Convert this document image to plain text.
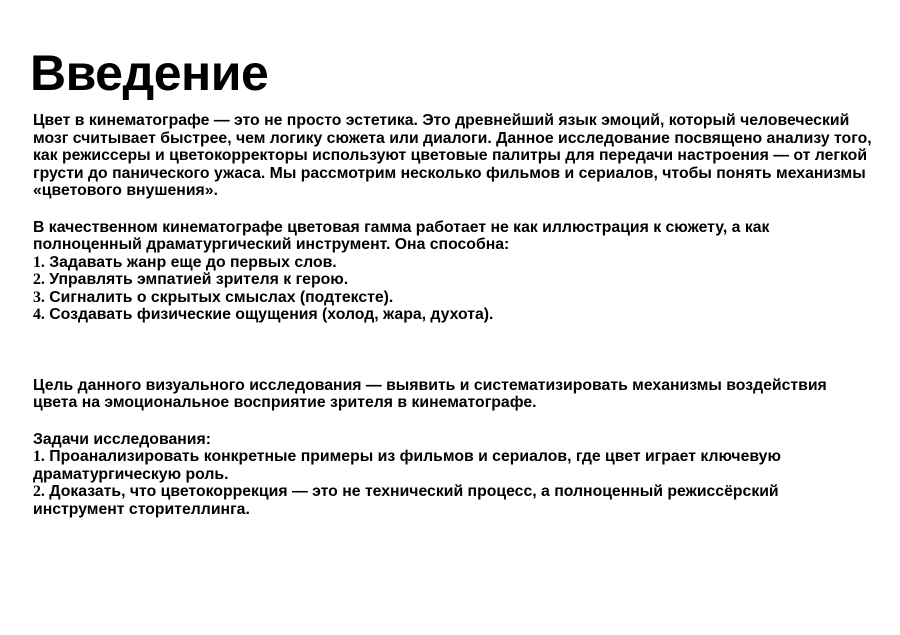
Введение

Цвет в кинематографе — это не просто эстетика. Это древнейший язык эмоций, который человеческий мозг считывает быстрее, чем логику сюжета или диалоги. Данное исследование посвящено анализу того, как режиссеры и цветокорректоры используют цветовые палитры для передачи настроения — от легкой грусти до панического ужаса. Мы рассмотрим несколько фильмов и сериалов, чтобы понять механизмы «цветового внушения».

В качественном кинематографе цветовая гамма работает не как иллюстрация к сюжету, а как полноценный драматургический инструмент. Она способна:

1. Задавать жанр еще до первых слов.
2. Управлять эмпатией зрителя к герою.
3. Сигналить о скрытых смыслах (подтексте).
4. Создавать физические ощущения (холод, жара, духота).

Цель данного визуального исследования — выявить и систематизировать механизмы воздействия цвета на эмоциональное восприятие зрителя в кинематографе.

Задачи исследования:

1. Проанализировать конкретные примеры из фильмов и сериалов, где цвет играет ключевую драматургическую роль.
2. Доказать, что цветокоррекция — это не технический процесс, а полноценный режиссёрский инструмент сторителлинга.
